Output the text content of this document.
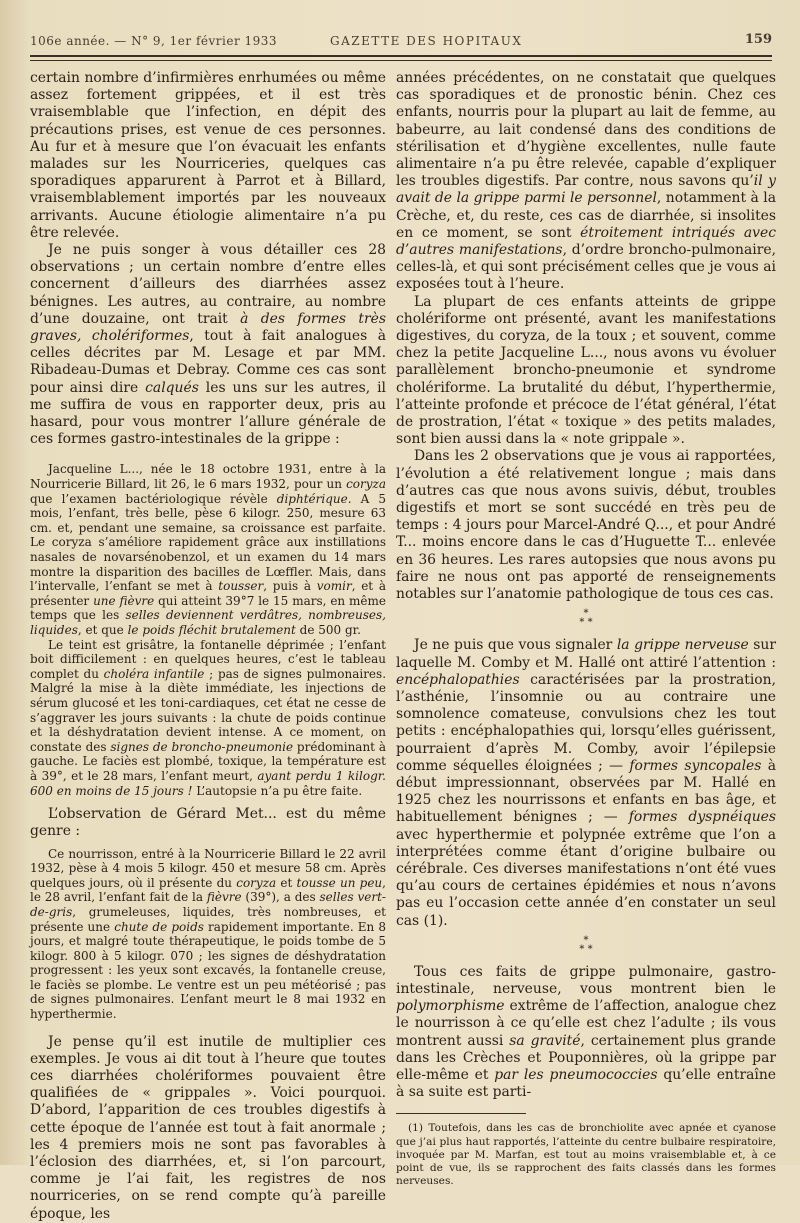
106e année. — N° 9, 1er février 1933	GAZETTE DES HOPITAUX	159

certain nombre d’infirmières enrhumées ou même assez fortement grippées, et il est très vraisemblable que l’infection, en dépit des précautions prises, est venue de ces personnes. Au fur et à mesure que l’on évacuait les enfants malades sur les Nourriceries, quelques cas sporadiques apparurent à Parrot et à Billard, vraisemblablement importés par les nouveaux arrivants. Aucune étiologie alimentaire n’a pu être relevée.

Je ne puis songer à vous détailler ces 28 observations ; un certain nombre d’entre elles concernent d’ailleurs des diarrhées assez bénignes. Les autres, au contraire, au nombre d’une douzaine, ont trait à des formes très graves, cholériformes, tout à fait analogues à celles décrites par M. Lesage et par MM. Ribadeau-Dumas et Debray. Comme ces cas sont pour ainsi dire calqués les uns sur les autres, il me suffira de vous en rapporter deux, pris au hasard, pour vous montrer l’allure générale de ces formes gastro-intestinales de la grippe :

Jacqueline L..., née le 18 octobre 1931, entre à la Nourricerie Billard, lit 26, le 6 mars 1932, pour un coryza que l’examen bactériologique révèle diphtérique. A 5 mois, l’enfant, très belle, pèse 6 kilogr. 250, mesure 63 cm. et, pendant une semaine, sa croissance est parfaite. Le coryza s’améliore rapidement grâce aux instillations nasales de novarsénobenzol, et un examen du 14 mars montre la disparition des bacilles de Lœffler. Mais, dans l’intervalle, l’enfant se met à tousser, puis à vomir, et à présenter une fièvre qui atteint 39°7 le 15 mars, en même temps que les selles deviennent verdâtres, nombreuses, liquides, et que le poids fléchit brutalement de 500 gr.

Le teint est grisâtre, la fontanelle déprimée ; l’enfant boit difficilement : en quelques heures, c’est le tableau complet du choléra infantile ; pas de signes pulmonaires. Malgré la mise à la diète immédiate, les injections de sérum glucosé et les toni-cardiaques, cet état ne cesse de s’aggraver les jours suivants : la chute de poids continue et la déshydratation devient intense. A ce moment, on constate des signes de broncho-pneumonie prédominant à gauche. Le faciès est plombé, toxique, la température est à 39°, et le 28 mars, l’enfant meurt, ayant perdu 1 kilogr. 600 en moins de 15 jours ! L’autopsie n’a pu être faite.

L’observation de Gérard Met... est du même genre :

Ce nourrisson, entré à la Nourricerie Billard le 22 avril 1932, pèse à 4 mois 5 kilogr. 450 et mesure 58 cm. Après quelques jours, où il présente du coryza et tousse un peu, le 28 avril, l’enfant fait de la fièvre (39°), a des selles vert-de-gris, grumeleuses, liquides, très nombreuses, et présente une chute de poids rapidement importante. En 8 jours, et malgré toute thérapeutique, le poids tombe de 5 kilogr. 800 à 5 kilogr. 070 ; les signes de déshydratation progressent : les yeux sont excavés, la fontanelle creuse, le faciès se plombe. Le ventre est un peu météorisé ; pas de signes pulmonaires. L’enfant meurt le 8 mai 1932 en hyperthermie.

Je pense qu’il est inutile de multiplier ces exemples. Je vous ai dit tout à l’heure que toutes ces diarrhées cholériformes pouvaient être qualifiées de « grippales ». Voici pourquoi. D’abord, l’apparition de ces troubles digestifs à cette époque de l’année est tout à fait anormale ; les 4 premiers mois ne sont pas favorables à l’éclosion des diarrhées, et, si l’on parcourt, comme je l’ai fait, les registres de nos nourriceries, on se rend compte qu’à pareille époque, les

années précédentes, on ne constatait que quelques cas sporadiques et de pronostic bénin. Chez ces enfants, nourris pour la plupart au lait de femme, au babeurre, au lait condensé dans des conditions de stérilisation et d’hygiène excellentes, nulle faute alimentaire n’a pu être relevée, capable d’expliquer les troubles digestifs. Par contre, nous savons qu’il y avait de la grippe parmi le personnel, notamment à la Crèche, et, du reste, ces cas de diarrhée, si insolites en ce moment, se sont étroitement intriqués avec d’autres manifestations, d’ordre broncho-pulmonaire, celles-là, et qui sont précisément celles que je vous ai exposées tout à l’heure.

La plupart de ces enfants atteints de grippe cholériforme ont présenté, avant les manifestations digestives, du coryza, de la toux ; et souvent, comme chez la petite Jacqueline L..., nous avons vu évoluer parallèlement broncho-pneumonie et syndrome cholériforme. La brutalité du début, l’hyperthermie, l’atteinte profonde et précoce de l’état général, l’état de prostration, l’état « toxique » des petits malades, sont bien aussi dans la « note grippale ».

Dans les 2 observations que je vous ai rapportées, l’évolution a été relativement longue ; mais dans d’autres cas que nous avons suivis, début, troubles digestifs et mort se sont succédé en très peu de temps : 4 jours pour Marcel-André Q..., et pour André T... moins encore dans le cas d’Huguette T... enlevée en 36 heures. Les rares autopsies que nous avons pu faire ne nous ont pas apporté de renseignements notables sur l’anatomie pathologique de tous ces cas.

*
* *

Je ne puis que vous signaler la grippe nerveuse sur laquelle M. Comby et M. Hallé ont attiré l’attention : encéphalopathies caractérisées par la prostration, l’asthénie, l’insomnie ou au contraire une somnolence comateuse, convulsions chez les tout petits : encéphalopathies qui, lorsqu’elles guérissent, pourraient d’après M. Comby, avoir l’épilepsie comme séquelles éloignées ; — formes syncopales à début impressionnant, observées par M. Hallé en 1925 chez les nourrissons et enfants en bas âge, et habituellement bénignes ; — formes dyspnéiques avec hyperthermie et polypnée extrême que l’on a interprétées comme étant d’origine bulbaire ou cérébrale. Ces diverses manifestations n’ont été vues qu’au cours de certaines épidémies et nous n’avons pas eu l’occasion cette année d’en constater un seul cas (1).

*
* *

Tous ces faits de grippe pulmonaire, gastro-intestinale, nerveuse, vous montrent bien le polymorphisme extrême de l’affection, analogue chez le nourrisson à ce qu’elle est chez l’adulte ; ils vous montrent aussi sa gravité, certainement plus grande dans les Crèches et Pouponnières, où la grippe par elle-même et par les pneumococcies qu’elle entraîne à sa suite est parti-

(1) Toutefois, dans les cas de bronchiolite avec apnée et cyanose que j’ai plus haut rapportés, l’atteinte du centre bulbaire respiratoire, invoquée par M. Marfan, est tout au moins vraisemblable et, à ce point de vue, ils se rapprochent des faits classés dans les formes nerveuses.
